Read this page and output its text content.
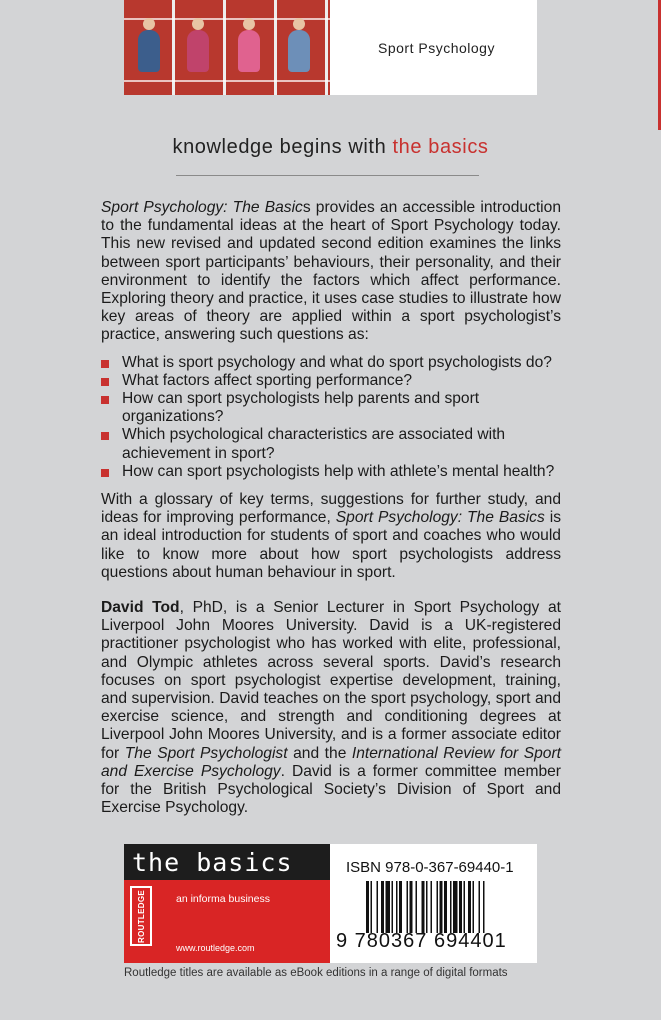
Sport Psychology
knowledge begins with the basics

Sport Psychology: The Basics provides an accessible introduction to the fundamental ideas at the heart of Sport Psychology today. This new revised and updated second edition examines the links between sport participants’ behaviours, their personality, and their environment to identify the factors which affect performance. Exploring theory and practice, it uses case studies to illustrate how key areas of theory are applied within a sport psychologist’s practice, answering such questions as:

What is sport psychology and what do sport psychologists do?
What factors affect sporting performance?
How can sport psychologists help parents and sport organizations?
Which psychological characteristics are associated with achievement in sport?
How can sport psychologists help with athlete’s mental health?

With a glossary of key terms, suggestions for further study, and ideas for improving performance, Sport Psychology: The Basics is an ideal introduction for students of sport and coaches who would like to know more about how sport psychologists address questions about human behaviour in sport.

David Tod, PhD, is a Senior Lecturer in Sport Psychology at Liverpool John Moores University. David is a UK-registered practitioner psychologist who has worked with elite, professional, and Olympic athletes across several sports. David’s research focuses on sport psychologist expertise development, training, and supervision. David teaches on the sport psychology, sport and exercise science, and strength and conditioning degrees at Liverpool John Moores University, and is a former associate editor for The Sport Psychologist and the International Review for Sport and Exercise Psychology. David is a former committee member for the British Psychological Society’s Division of Sport and Exercise Psychology.

the basics
ROUTLEDGE	an informa business
www.routledge.com
ISBN 978-0-367-69440-1
9 780367 694401
Routledge titles are available as eBook editions in a range of digital formats
